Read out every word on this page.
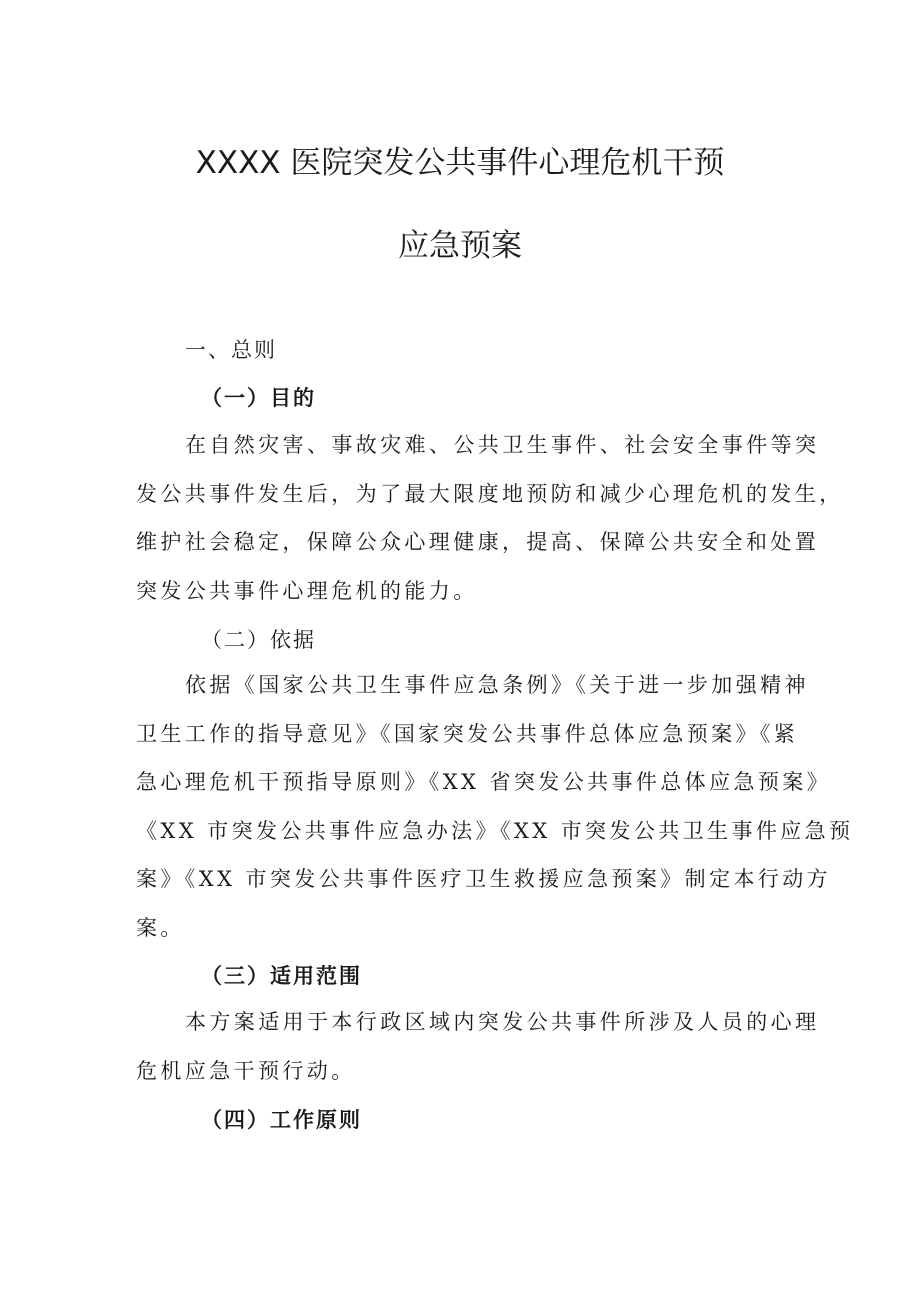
XXXX 医院突发公共事件心理危机干预
应急预案
一、总则
（一）目的
在自然灾害、事故灾难、公共卫生事件、社会安全事件等突
发公共事件发生后，为了最大限度地预防和减少心理危机的发生，
维护社会稳定，保障公众心理健康，提高、保障公共安全和处置
突发公共事件心理危机的能力。
（二）依据
依据《国家公共卫生事件应急条例》《关于进一步加强精神
卫生工作的指导意见》《国家突发公共事件总体应急预案》《紧
急心理危机干预指导原则》《XX 省突发公共事件总体应急预案》
《XX 市突发公共事件应急办法》《XX 市突发公共卫生事件应急预
案》《XX 市突发公共事件医疗卫生救援应急预案》制定本行动方
案。
（三）适用范围
本方案适用于本行政区域内突发公共事件所涉及人员的心理
危机应急干预行动。
（四）工作原则
